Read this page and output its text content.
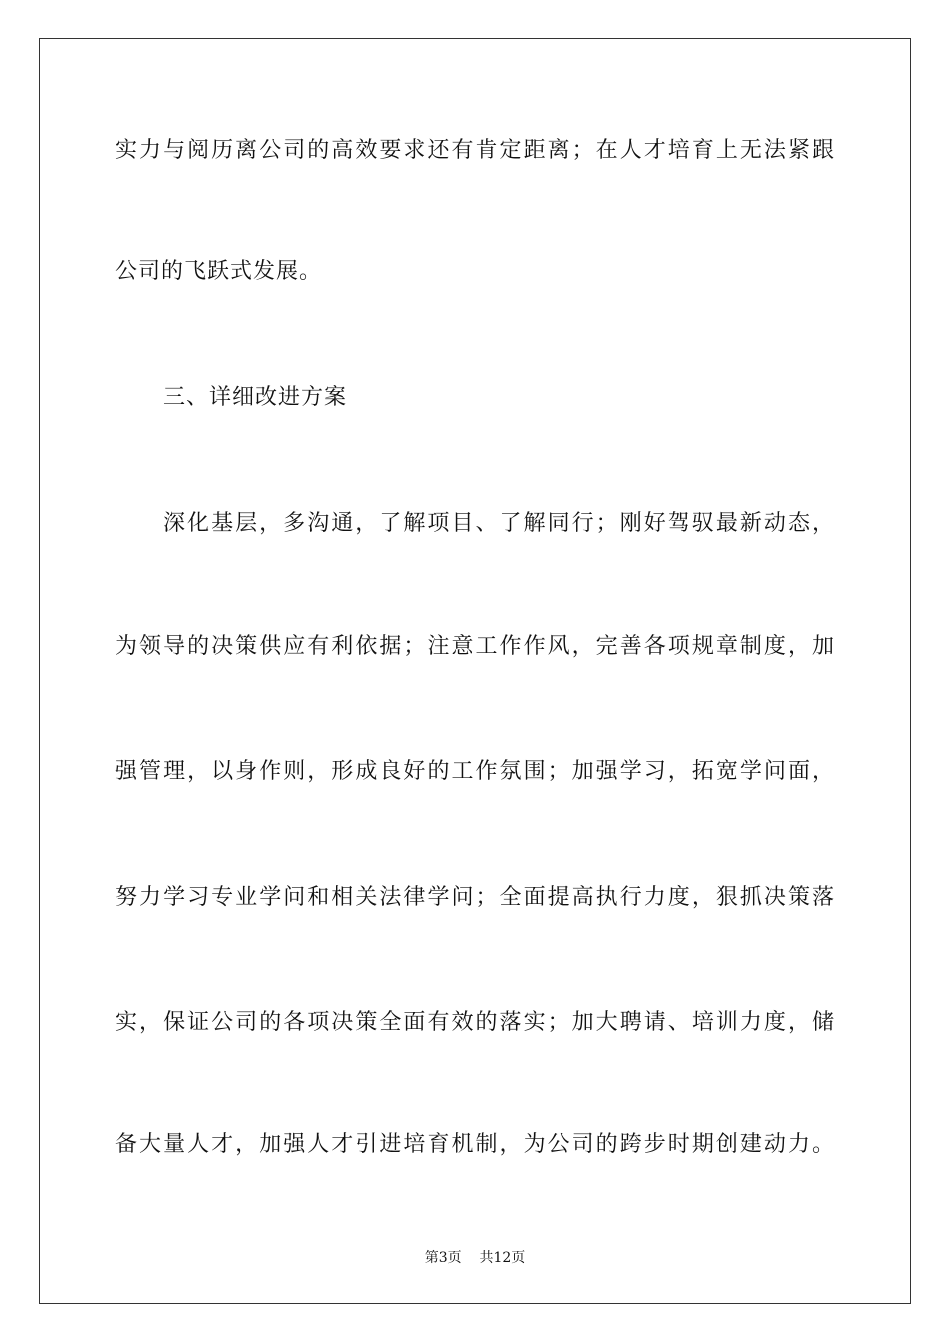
实力与阅历离公司的高效要求还有肯定距离；在人才培育上无法紧跟
公司的飞跃式发展。
三、详细改进方案
深化基层，多沟通，了解项目、了解同行；刚好驾驭最新动态，
为领导的决策供应有利依据；注意工作作风，完善各项规章制度，加
强管理，以身作则，形成良好的工作氛围；加强学习，拓宽学问面，
努力学习专业学问和相关法律学问；全面提高执行力度，狠抓决策落
实，保证公司的各项决策全面有效的落实；加大聘请、培训力度，储
备大量人才，加强人才引进培育机制，为公司的跨步时期创建动力。
第3页 共12页
